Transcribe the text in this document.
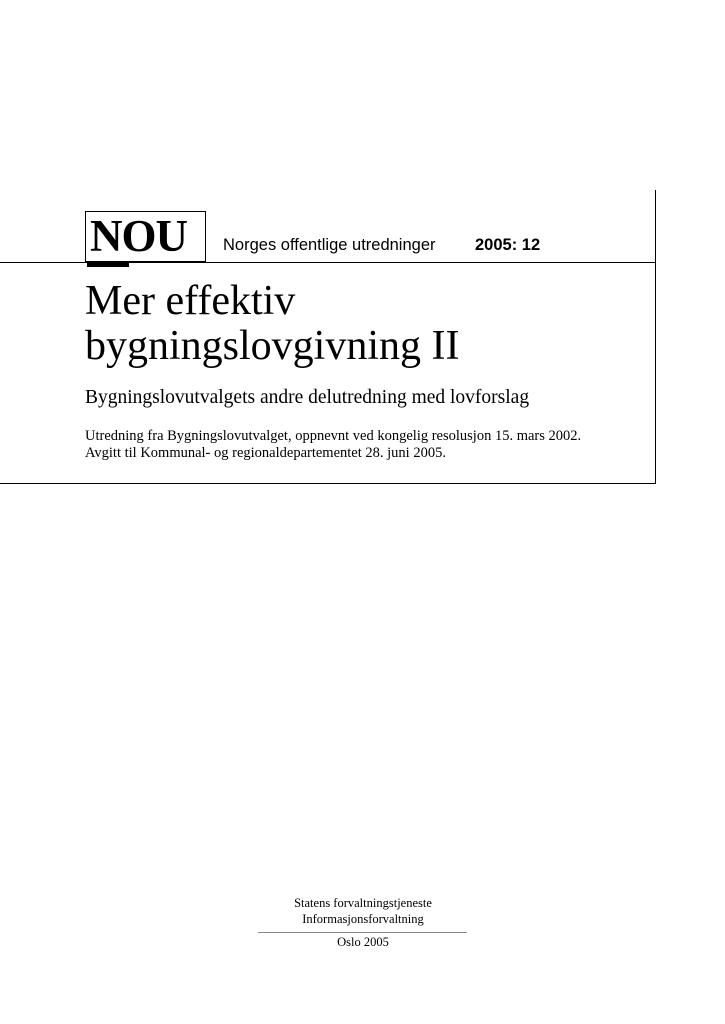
NOU Norges offentlige utredninger 2005: 12
Mer effektiv
bygningslovgivning II
Bygningslovutvalgets andre delutredning med lovforslag
Utredning fra Bygningslovutvalget, oppnevnt ved kongelig resolusjon 15. mars 2002.
Avgitt til Kommunal- og regionaldepartementet 28. juni 2005.
Statens forvaltningstjeneste
Informasjonsforvaltning
Oslo 2005
